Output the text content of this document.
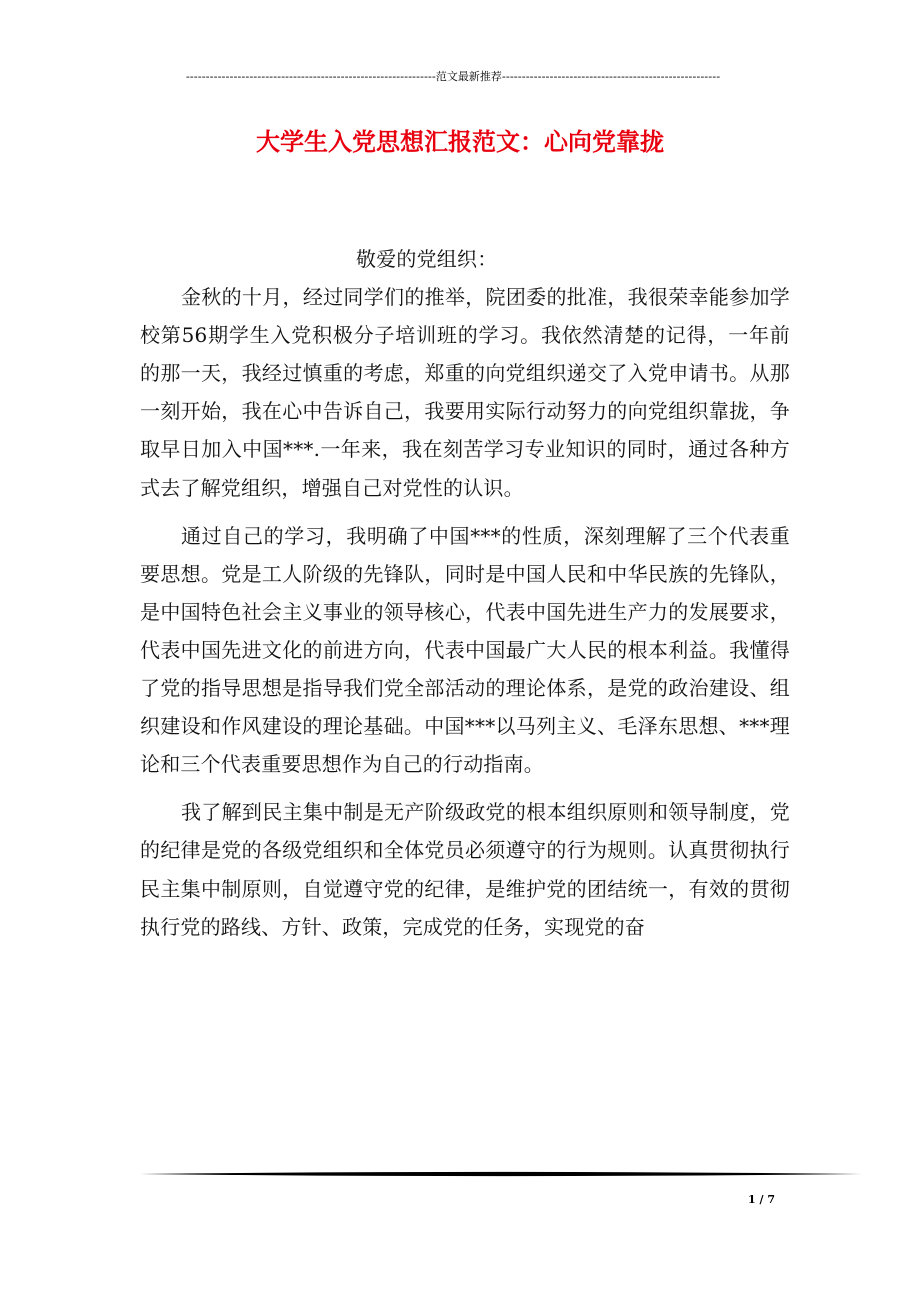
---------------------------------------------------------------范文最新推荐-------------------------------------------------------
大学生入党思想汇报范文：心向党靠拢

敬爱的党组织：

金秋的十月，经过同学们的推举，院团委的批准，我很荣幸能参加学校第56期学生入党积极分子培训班的学习。我依然清楚的记得，一年前的那一天，我经过慎重的考虑，郑重的向党组织递交了入党申请书。从那一刻开始，我在心中告诉自己，我要用实际行动努力的向党组织靠拢，争取早日加入中国***.一年来，我在刻苦学习专业知识的同时，通过各种方式去了解党组织，增强自己对党性的认识。

通过自己的学习，我明确了中国***的性质，深刻理解了三个代表重要思想。党是工人阶级的先锋队，同时是中国人民和中华民族的先锋队，是中国特色社会主义事业的领导核心，代表中国先进生产力的发展要求，代表中国先进文化的前进方向，代表中国最广大人民的根本利益。我懂得了党的指导思想是指导我们党全部活动的理论体系，是党的政治建设、组织建设和作风建设的理论基础。中国***以马列主义、毛泽东思想、***理论和三个代表重要思想作为自己的行动指南。

我了解到民主集中制是无产阶级政党的根本组织原则和领导制度，党的纪律是党的各级党组织和全体党员必须遵守的行为规则。认真贯彻执行民主集中制原则，自觉遵守党的纪律，是维护党的团结统一，有效的贯彻执行党的路线、方针、政策，完成党的任务，实现党的奋

1 / 7
